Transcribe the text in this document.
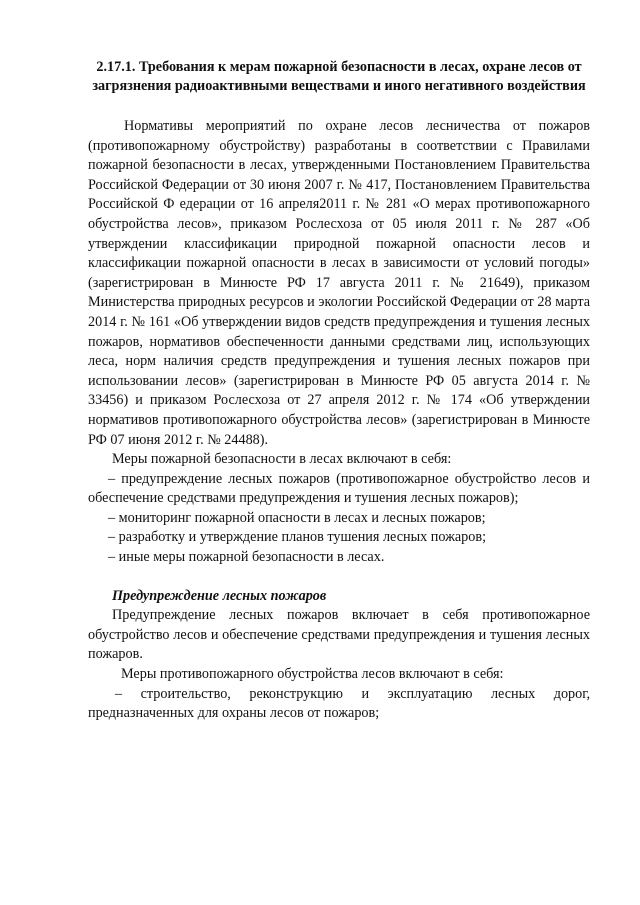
2.17.1. Требования к мерам пожарной безопасности в лесах, охране лесов от загрязнения радиоактивными веществами и иного негативного воздействия

Нормативы мероприятий по охране лесов лесничества от пожаров (противопожарному обустройству) разработаны в соответствии с Правилами пожарной безопасности в лесах, утвержденными Постановлением Правительства Российской Федерации от 30 июня 2007 г. № 417, Постановлением Правительства Российской Ф едерации от 16 апреля2011 г. № 281 «О мерах противопожарного обустройства лесов», приказом Рослесхоза от 05 июля 2011 г. № 287 «Об утверждении классификации природной пожарной опасности лесов и классификации пожарной опасности в лесах в зависимости от условий погоды» (зарегистрирован в Минюсте РФ 17 августа 2011 г. № 21649), приказом Министерства природных ресурсов и экологии Российской Федерации от 28 марта 2014 г. № 161 «Об утверждении видов средств предупреждения и тушения лесных пожаров, нормативов обеспеченности данными средствами лиц, использующих леса, норм наличия средств предупреждения и тушения лесных пожаров при использовании лесов» (зарегистрирован в Минюсте РФ 05 августа 2014 г. № 33456) и приказом Рослесхоза от 27 апреля 2012 г. № 174 «Об утверждении нормативов противопожарного обустройства лесов» (зарегистрирован в Минюсте РФ 07 июня 2012 г. № 24488).

Меры пожарной безопасности в лесах включают в себя:

– предупреждение лесных пожаров (противопожарное обустройство лесов и обеспечение средствами предупреждения и тушения лесных пожаров);

– мониторинг пожарной опасности в лесах и лесных пожаров;

– разработку и утверждение планов тушения лесных пожаров;

– иные меры пожарной безопасности в лесах.

Предупреждение лесных пожаров

Предупреждение лесных пожаров включает в себя противопожарное обустройство лесов и обеспечение средствами предупреждения и тушения лесных пожаров.

Меры противопожарного обустройства лесов включают в себя:

– строительство, реконструкцию и эксплуатацию лесных дорог, предназначенных для охраны лесов от пожаров;
